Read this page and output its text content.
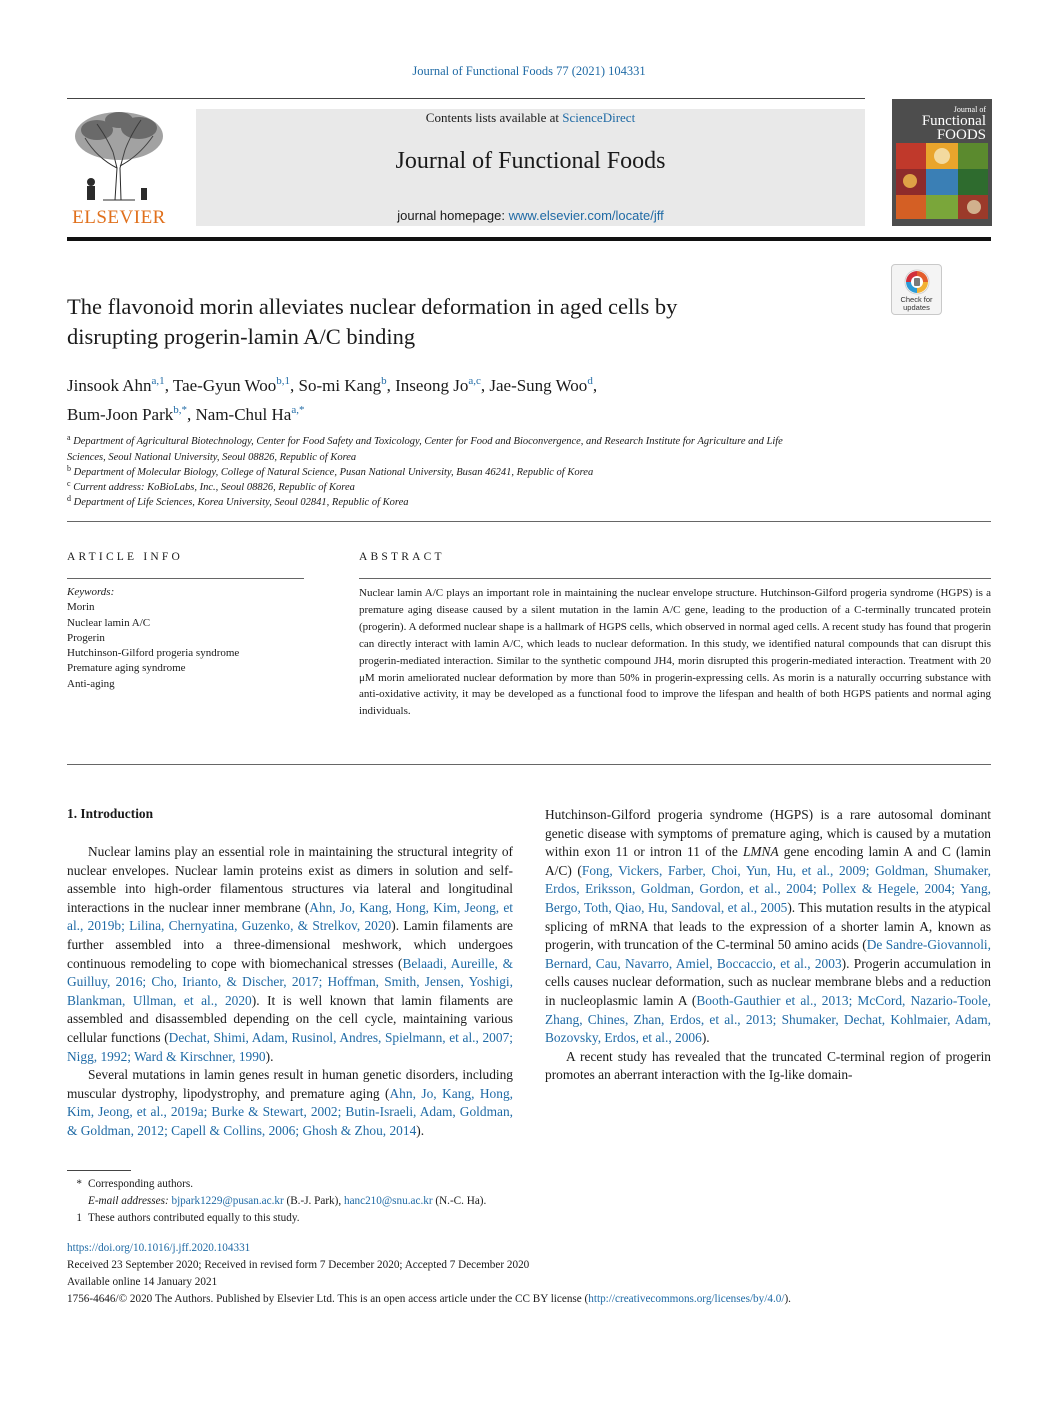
Journal of Functional Foods 77 (2021) 104331
ELSEVIER
Contents lists available at ScienceDirect
Journal of Functional Foods
journal homepage: www.elsevier.com/locate/jff
Journal of
Functional
FOODS
Check for
updates
The flavonoid morin alleviates nuclear deformation in aged cells by
disrupting progerin-lamin A/C binding
Jinsook Ahn$^{a,1}$, Tae-Gyun Woo$^{b,1}$, So-mi Kang$^b$, Inseong Jo$^{a,c}$, Jae-Sung Woo$^d$,
Bum-Joon Park$^{b,*}$, Nam-Chul $Ha^{a,*}$
$^a$ Department of Agricultural Biotechnology, Center for Food Safety and Toxicology, Center for Food and Bioconvergence, and Research Institute for Agriculture and Life
Sciences, Seoul National University, Seoul 08826, Republic of Korea
$^b$ Department of Molecular Biology, College of Natural Science, Pusan National University, Busan 46241, Republic of Korea
$^c$ Current address: KoBioLabs, Inc., Seoul 08826, Republic of Korea
$^d$ Department of Life Sciences, Korea University, Seoul 02841, Republic of Korea
ARTICLE INFO	ABSTRACT
Keywords:
Morin
Nuclear lamin A/C
Progerin
Hutchinson-Gilford progeria syndrome
Premature aging syndrome
Anti-aging
Nuclear lamin A/C plays an important role in maintaining the nuclear envelope structure. Hutchinson-Gilford progeria syndrome (HGPS) is a premature aging disease caused by a silent mutation in the lamin A/C gene, leading to the production of a C-terminally truncated protein (progerin). A deformed nuclear shape is a hallmark of HGPS cells, which observed in normal aged cells. A recent study has found that progerin can directly interact with lamin A/C, which leads to nuclear deformation. In this study, we identified natural compounds that can disrupt this progerin-mediated interaction. Similar to the synthetic compound JH4, morin disrupted this progerin-mediated interaction. Treatment with 20 μM morin ameliorated nuclear deformation by more than 50% in progerin-expressing cells. As morin is a naturally occurring substance with anti-oxidative activity, it may be developed as a functional food to improve the lifespan and health of both HGPS patients and normal aging individuals.
1. Introduction

Nuclear lamins play an essential role in maintaining the structural integrity of nuclear envelopes. Nuclear lamin proteins exist as dimers in solution and self-assemble into high-order filamentous structures via lateral and longitudinal interactions in the nuclear inner membrane (Ahn, Jo, Kang, Hong, Kim, Jeong, et al., 2019b; Lilina, Chernyatina, Guzenko, & Strelkov, 2020). Lamin filaments are further assembled into a three-dimensional meshwork, which undergoes continuous remodeling to cope with biomechanical stresses (Belaadi, Aureille, & Guilluy, 2016; Cho, Irianto, & Discher, 2017; Hoffman, Smith, Jensen, Yoshigi, Blankman, Ullman, et al., 2020). It is well known that lamin filaments are assembled and disassembled depending on the cell cycle, maintaining various cellular functions (Dechat, Shimi, Adam, Rusinol, Andres, Spielmann, et al., 2007; Nigg, 1992; Ward & Kirschner, 1990).

Several mutations in lamin genes result in human genetic disorders, including muscular dystrophy, lipodystrophy, and premature aging (Ahn, Jo, Kang, Hong, Kim, Jeong, et al., 2019a; Burke & Stewart, 2002; Butin-Israeli, Adam, Goldman, & Goldman, 2012; Capell & Collins, 2006; Ghosh & Zhou, 2014).

Hutchinson-Gilford progeria syndrome (HGPS) is a rare autosomal dominant genetic disease with symptoms of premature aging, which is caused by a mutation within exon 11 or intron 11 of the LMNA gene encoding lamin A and C (lamin A/C) (Fong, Vickers, Farber, Choi, Yun, Hu, et al., 2009; Goldman, Shumaker, Erdos, Eriksson, Goldman, Gordon, et al., 2004; Pollex & Hegele, 2004; Yang, Bergo, Toth, Qiao, Hu, Sandoval, et al., 2005). This mutation results in the atypical splicing of mRNA that leads to the expression of a shorter lamin A, known as progerin, with truncation of the C-terminal 50 amino acids (De Sandre-Giovannoli, Bernard, Cau, Navarro, Amiel, Boccaccio, et al., 2003). Progerin accumulation in cells causes nuclear deformation, such as nuclear membrane blebs and a reduction in nucleoplasmic lamin A (Booth-Gauthier et al., 2013; McCord, Nazario-Toole, Zhang, Chines, Zhan, Erdos, et al., 2013; Shumaker, Dechat, Kohlmaier, Adam, Bozovsky, Erdos, et al., 2006).

A recent study has revealed that the truncated C-terminal region of progerin promotes an aberrant interaction with the Ig-like domain-

* Corresponding authors.
E-mail addresses: bjpark1229@pusan.ac.kr (B.-J. Park), hanc210@snu.ac.kr (N.-C. Ha).
1 These authors contributed equally to this study.
https://doi.org/10.1016/j.jff.2020.104331
Received 23 September 2020; Received in revised form 7 December 2020; Accepted 7 December 2020
Available online 14 January 2021
1756-4646/© 2020 The Authors. Published by Elsevier Ltd. This is an open access article under the CC BY license (http://creativecommons.org/licenses/by/4.0/).
